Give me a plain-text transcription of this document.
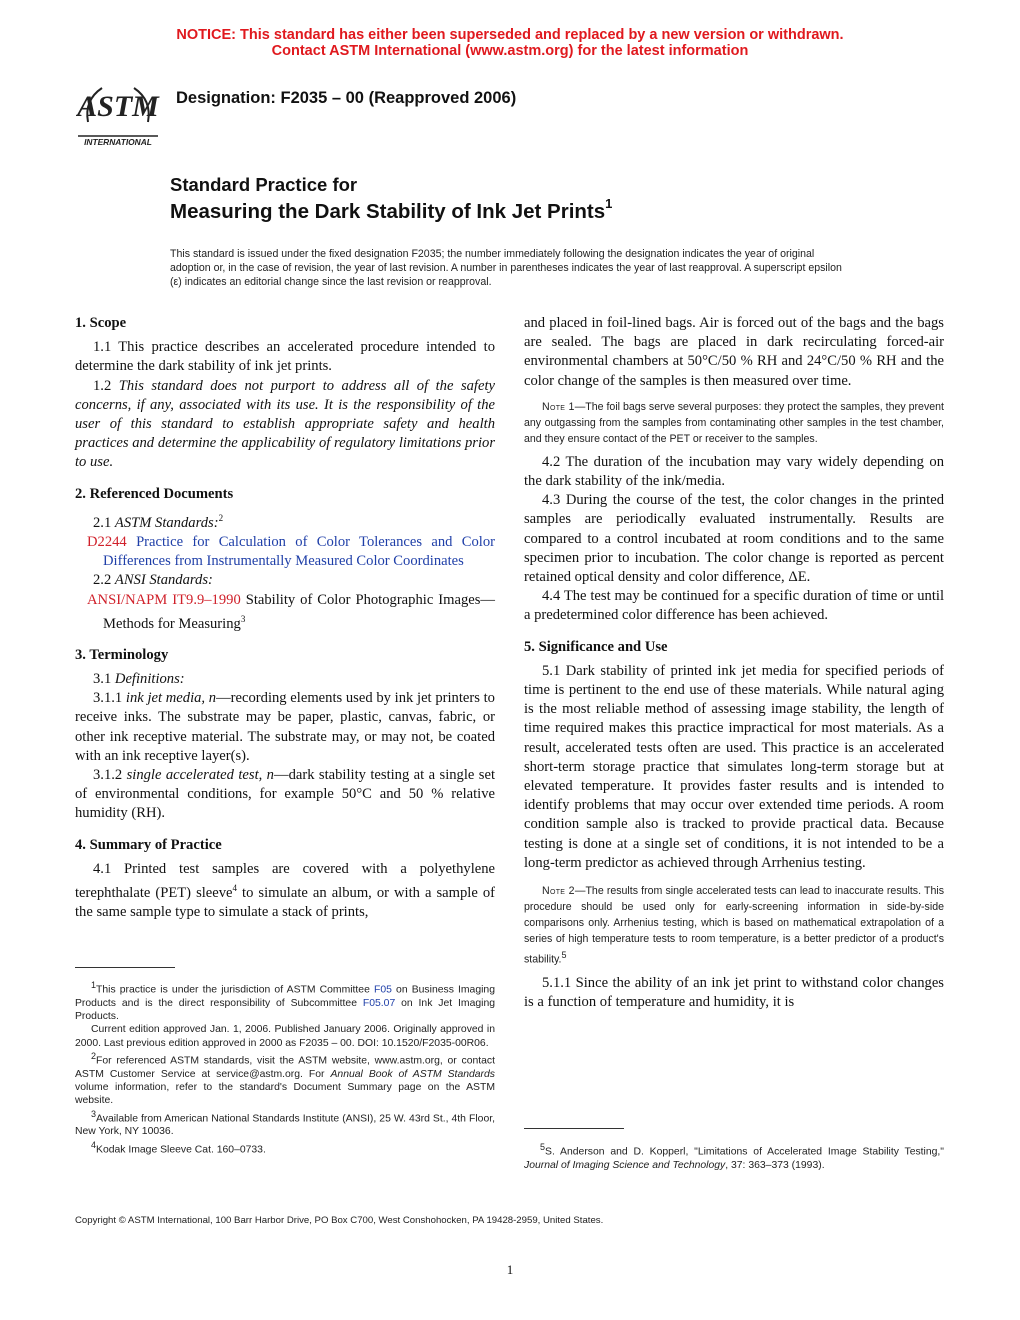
NOTICE: This standard has either been superseded and replaced by a new version or withdrawn.
Contact ASTM International (www.astm.org) for the latest information
ASTM
INTERNATIONAL
Designation: F2035 – 00 (Reapproved 2006)
Standard Practice for
Measuring the Dark Stability of Ink Jet Prints$^1$
This standard is issued under the fixed designation F2035; the number immediately following the designation indicates the year of original adoption or, in the case of revision, the year of last revision. A number in parentheses indicates the year of last reapproval. A superscript epsilon (ε) indicates an editorial change since the last revision or reapproval.

1. Scope

1.1 This practice describes an accelerated procedure intended to determine the dark stability of ink jet prints.

1.2 This standard does not purport to address all of the safety concerns, if any, associated with its use. It is the responsibility of the user of this standard to establish appropriate safety and health practices and determine the applicability of regulatory limitations prior to use.

2. Referenced Documents

2.1 ASTM Standards:$^2$

D2244 Practice for Calculation of Color Tolerances and Color Differences from Instrumentally Measured Color Coordinates

2.2 ANSI Standards:

ANSI/NAPM IT9.9–1990 Stability of Color Photographic Images—Methods for Measuring$^3$

3. Terminology

3.1 Definitions:

3.1.1 ink jet media, n—recording elements used by ink jet printers to receive inks. The substrate may be paper, plastic, canvas, fabric, or other ink receptive material. The substrate may, or may not, be coated with an ink receptive layer(s).

3.1.2 single accelerated test, n—dark stability testing at a single set of environmental conditions, for example 50°C and 50 % relative humidity (RH).

4. Summary of Practice

4.1 Printed test samples are covered with a polyethylene terephthalate (PET) sleeve$^4$ to simulate an album, or with a sample of the same sample type to simulate a stack of prints,

$^1$This practice is under the jurisdiction of ASTM Committee F05 on Business Imaging Products and is the direct responsibility of Subcommittee F05.07 on Ink Jet Imaging Products.

Current edition approved Jan. 1, 2006. Published January 2006. Originally approved in 2000. Last previous edition approved in 2000 as F2035 – 00. DOI: 10.1520/F2035-00R06.

$^2$For referenced ASTM standards, visit the ASTM website, www.astm.org, or contact ASTM Customer Service at service@astm.org. For Annual Book of ASTM Standards volume information, refer to the standard's Document Summary page on the ASTM website.

$^3$Available from American National Standards Institute (ANSI), 25 W. 43rd St., 4th Floor, New York, NY 10036.

$^4$Kodak Image Sleeve Cat. 160–0733.

and placed in foil-lined bags. Air is forced out of the bags and the bags are sealed. The bags are placed in dark recirculating forced-air environmental chambers at 50°C/50 % RH and 24°C/50 % RH and the color change of the samples is then measured over time.

Note 1—The foil bags serve several purposes: they protect the samples, they prevent any outgassing from the samples from contaminating other samples in the test chamber, and they ensure contact of the PET or receiver to the samples.

4.2 The duration of the incubation may vary widely depending on the dark stability of the ink/media.

4.3 During the course of the test, the color changes in the printed samples are periodically evaluated instrumentally. Results are compared to a control incubated at room conditions and to the same specimen prior to incubation. The color change is reported as percent retained optical density and color difference, ΔE.

4.4 The test may be continued for a specific duration of time or until a predetermined color difference has been achieved.

5. Significance and Use

5.1 Dark stability of printed ink jet media for specified periods of time is pertinent to the end use of these materials. While natural aging is the most reliable method of assessing image stability, the length of time required makes this practice impractical for most materials. As a result, accelerated tests often are used. This practice is an accelerated short-term storage practice that simulates long-term storage but at elevated temperature. It provides faster results and is intended to identify problems that may occur over extended time periods. A room condition sample also is tracked to provide practical data. Because testing is done at a single set of conditions, it is not intended to be a long-term predictor as achieved through Arrhenius testing.

Note 2—The results from single accelerated tests can lead to inaccurate results. This procedure should be used only for early-screening information in side-by-side comparisons only. Arrhenius testing, which is based on mathematical extrapolation of a series of high temperature tests to room temperature, is a better predictor of a product's stability.$^5$

5.1.1 Since the ability of an ink jet print to withstand color changes is a function of temperature and humidity, it is

$^5$S. Anderson and D. Kopperl, "Limitations of Accelerated Image Stability Testing," Journal of Imaging Science and Technology, 37: 363–373 (1993).

Copyright © ASTM International, 100 Barr Harbor Drive, PO Box C700, West Conshohocken, PA 19428-2959, United States.
1
